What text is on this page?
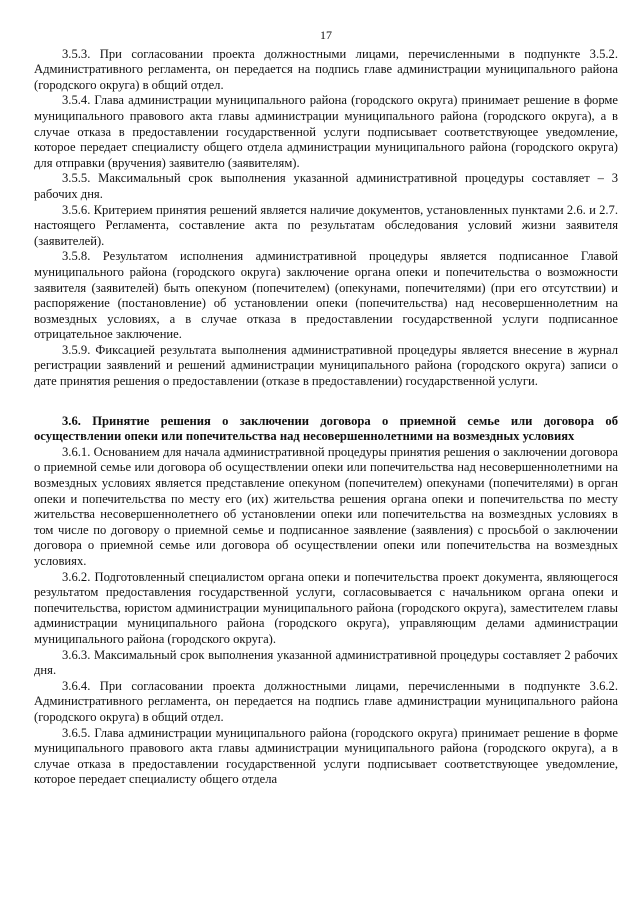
17

3.5.3. При согласовании проекта должностными лицами, перечисленными в подпункте 3.5.2. Административного регламента, он передается на подпись главе администрации муниципального района (городского округа) в общий отдел.

3.5.4. Глава администрации муниципального района (городского округа) принимает решение в форме муниципального правового акта главы администрации муниципального района (городского округа), а в случае отказа в предоставлении государственной услуги подписывает соответствующее уведомление, которое передает специалисту общего отдела администрации муниципального района (городского округа) для отправки (вручения) заявителю (заявителям).

3.5.5. Максимальный срок выполнения указанной административной процедуры составляет – 3 рабочих дня.

3.5.6. Критерием принятия решений является наличие документов, установленных пунктами 2.6. и 2.7. настоящего Регламента, составление акта по результатам обследования условий жизни заявителя (заявителей).

3.5.8. Результатом исполнения административной процедуры является подписанное Главой муниципального района (городского округа) заключение органа опеки и попечительства о возможности заявителя (заявителей) быть опекуном (попечителем) (опекунами, попечителями) (при его отсутствии) и распоряжение (постановление) об установлении опеки (попечительства) над несовершеннолетним на возмездных условиях, а в случае отказа в предоставлении государственной услуги подписанное отрицательное заключение.

3.5.9. Фиксацией результата выполнения административной процедуры является внесение в журнал регистрации заявлений и решений администрации муниципального района (городского округа) записи о дате принятия решения о предоставлении (отказе в предоставлении) государственной услуги.

3.6. Принятие решения о заключении договора о приемной семье или договора об осуществлении опеки или попечительства над несовершеннолетними на возмездных условиях

3.6.1. Основанием для начала административной процедуры принятия решения о заключении договора о приемной семье или договора об осуществлении опеки или попечительства над несовершеннолетними на возмездных условиях является представление опекуном (попечителем) опекунами (попечителями) в орган опеки и попечительства по месту его (их) жительства решения органа опеки и попечительства по месту жительства несовершеннолетнего об установлении опеки или попечительства на возмездных условиях в том числе по договору о приемной семье и подписанное заявление (заявления) с просьбой о заключении договора о приемной семье или договора об осуществлении опеки или попечительства на возмездных условиях.

3.6.2. Подготовленный специалистом органа опеки и попечительства проект документа, являющегося результатом предоставления государственной услуги, согласовывается с начальником органа опеки и попечительства, юристом администрации муниципального района (городского округа), заместителем главы администрации муниципального района (городского округа), управляющим делами администрации муниципального района (городского округа).

3.6.3. Максимальный срок выполнения указанной административной процедуры составляет 2 рабочих дня.

3.6.4. При согласовании проекта должностными лицами, перечисленными в подпункте 3.6.2. Административного регламента, он передается на подпись главе администрации муниципального района (городского округа) в общий отдел.

3.6.5. Глава администрации муниципального района (городского округа) принимает решение в форме муниципального правового акта главы администрации муниципального района (городского округа), а в случае отказа в предоставлении государственной услуги подписывает соответствующее уведомление, которое передает специалисту общего отдела
